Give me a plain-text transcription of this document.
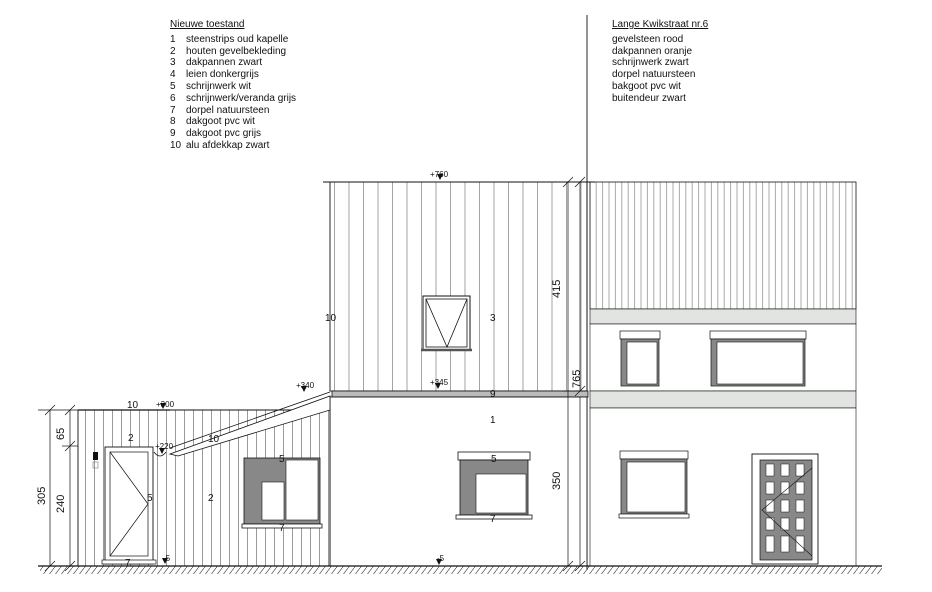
Nieuwe toestand
1	steenstrips oud kapelle
2	houten gevelbekleding
3	dakpannen zwart
4	leien donkergrijs
5	schrijnwerk wit
6	schrijnwerk/veranda grijs
7	dorpel natuursteen
8	dakgoot pvc wit
9	dakgoot pvc grijs
10 alu afdekkap zwart
Lange Kwikstraat nr.6
gevelsteen rood
dakpannen oranje
schrijnwerk zwart
dorpel natuursteen
bakgoot pvc wit
buitendeur zwart
+760
+345
+340
+300
+220
-5	-5
415
765
350
305
65
240
10	3
9
1
5
7
10
2
2
10
5
7
5
7
